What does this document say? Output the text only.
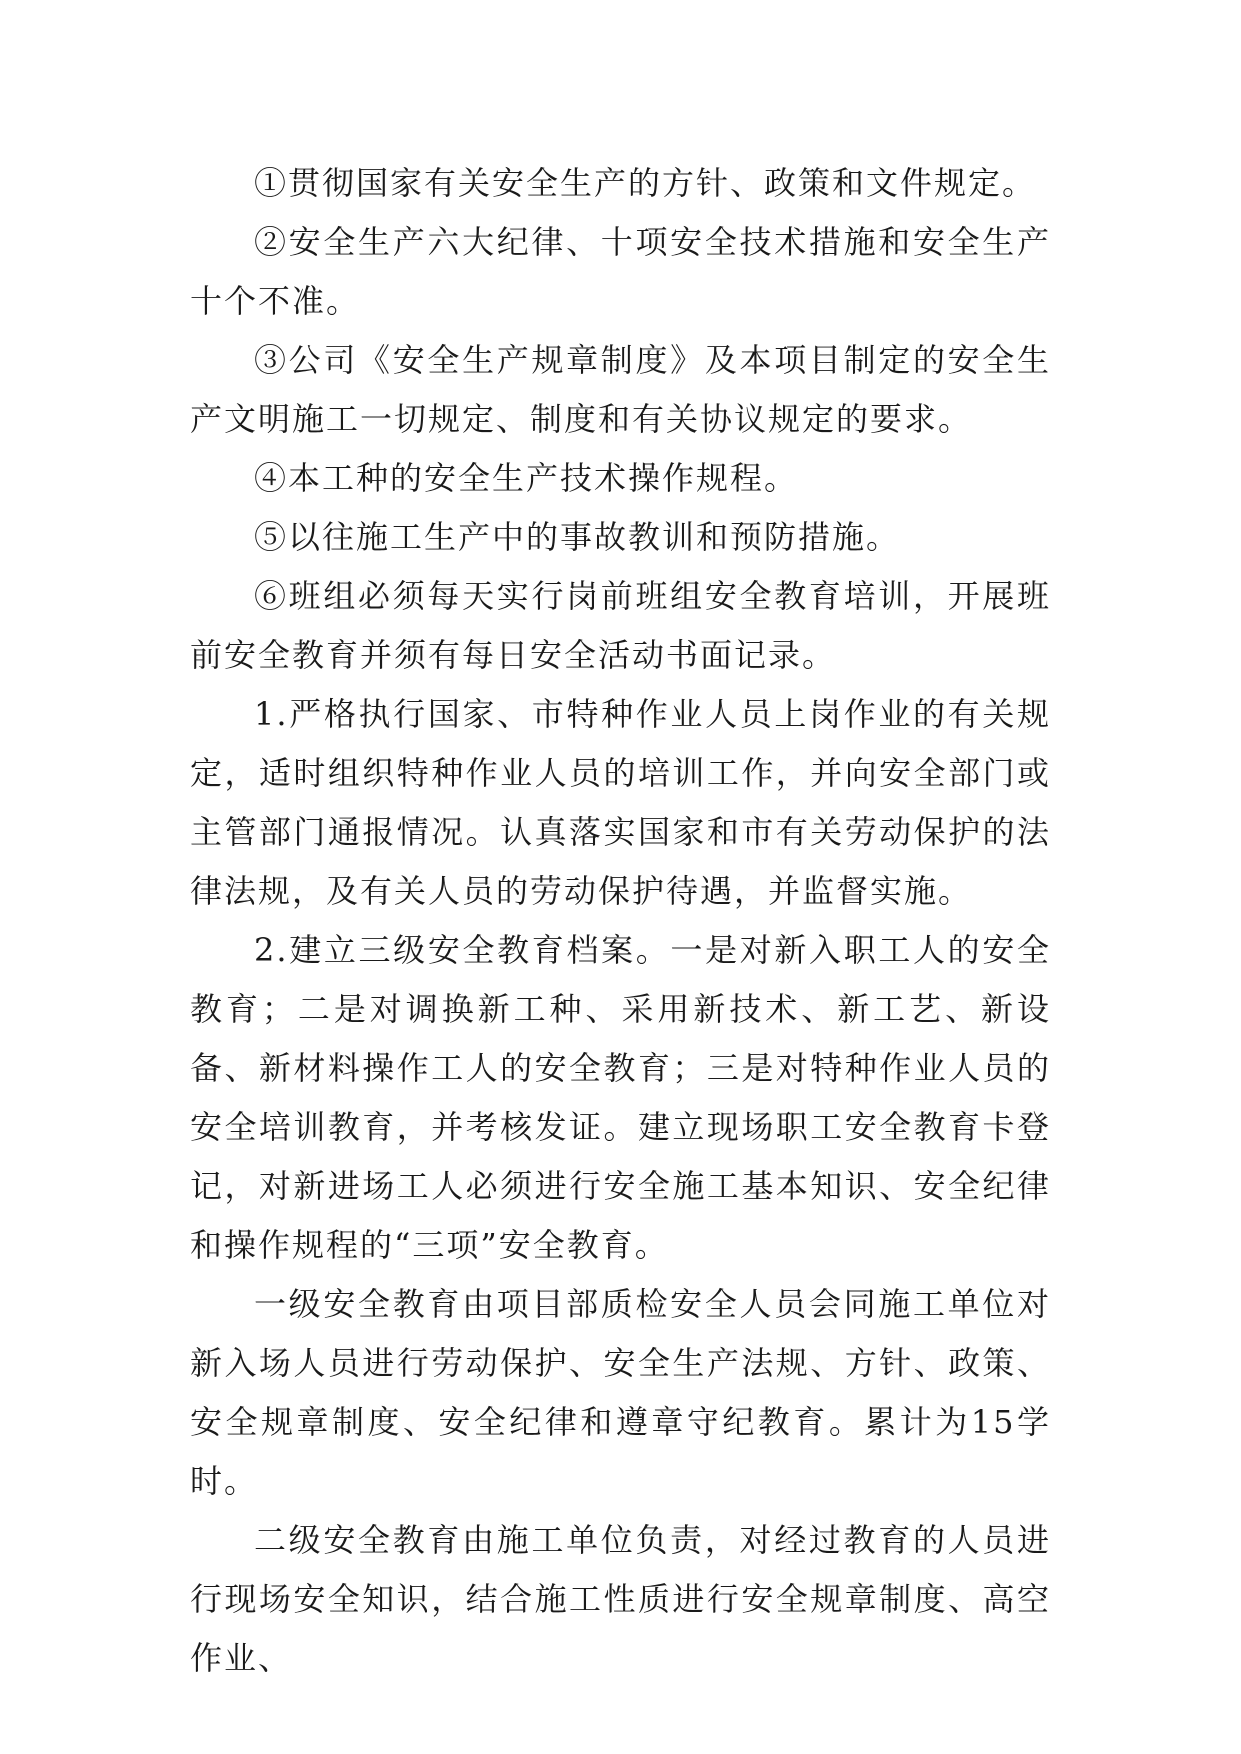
①贯彻国家有关安全生产的方针、政策和文件规定。

②安全生产六大纪律、十项安全技术措施和安全生产十个不准。

③公司《安全生产规章制度》及本项目制定的安全生产文明施工一切规定、制度和有关协议规定的要求。

④本工种的安全生产技术操作规程。

⑤以往施工生产中的事故教训和预防措施。

⑥班组必须每天实行岗前班组安全教育培训，开展班前安全教育并须有每日安全活动书面记录。

1.严格执行国家、市特种作业人员上岗作业的有关规定，适时组织特种作业人员的培训工作，并向安全部门或主管部门通报情况。认真落实国家和市有关劳动保护的法律法规，及有关人员的劳动保护待遇，并监督实施。

2.建立三级安全教育档案。一是对新入职工人的安全教育；二是对调换新工种、采用新技术、新工艺、新设备、新材料操作工人的安全教育；三是对特种作业人员的安全培训教育，并考核发证。建立现场职工安全教育卡登记，对新进场工人必须进行安全施工基本知识、安全纪律和操作规程的“三项”安全教育。

一级安全教育由项目部质检安全人员会同施工单位对新入场人员进行劳动保护、安全生产法规、方针、政策、安全规章制度、安全纪律和遵章守纪教育。累计为15学时。

二级安全教育由施工单位负责，对经过教育的人员进行现场安全知识，结合施工性质进行安全规章制度、高空作业、
